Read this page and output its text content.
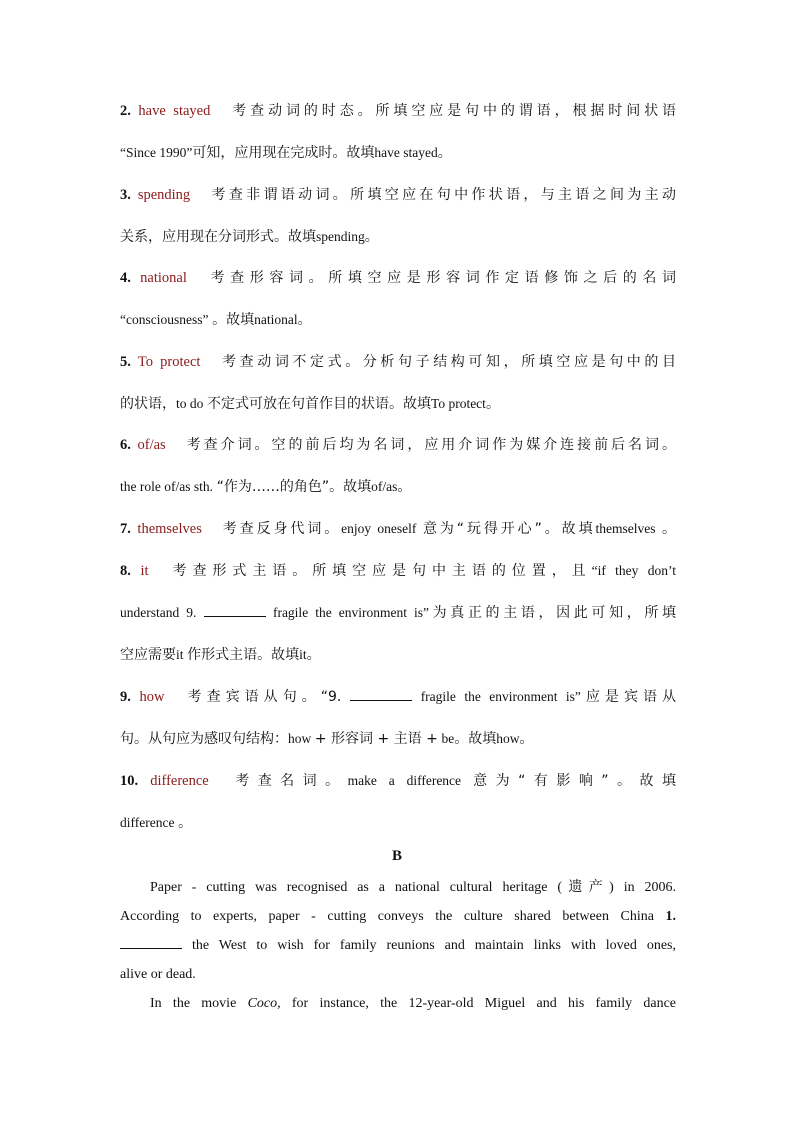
2. have stayed 考查动词的时态。所填空应是句中的谓语，根据时间状语
“Since 1990”可知，应用现在完成时。故填have stayed。
3. spending 考查非谓语动词。所填空应在句中作状语，与主语之间为主动
关系，应用现在分词形式。故填spending。
4. national 考查形容词。所填空应是形容词作定语修饰之后的名词
“consciousness” 。故填national。
5. To protect 考查动词不定式。分析句子结构可知，所填空应是句中的目
的状语，to do 不定式可放在句首作目的状语。故填To protect。
6. of/as 考查介词。空的前后均为名词，应用介词作为媒介连接前后名词。
the role of/as sth. “作为……的角色”。故填of/as。
7. themselves 考查反身代词。enjoy oneself 意为“玩得开心”。故填themselves 。
8. it 考查形式主语。所填空应是句中主语的位置，且“if they don’t
understand 9.	fragile the environment is”为真正的主语，因此可知，所填
空应需要it 作形式主语。故填it。
9. how 考查宾语从句。“9.	fragile the environment is”应是宾语从
句。从句应为感叹句结构：how + 形容词 + 主语 + be。故填how。
10. difference 考查名词。make a difference 意为“有影响”。故填
difference 。
B

Paper - cutting was recognised as a national cultural heritage (遗产) in 2006.

According to experts, paper - cutting conveys the culture shared between China 1.

the West to wish for family reunions and maintain links with loved ones,

alive or dead.

In the movie Coco, for instance, the 12-year-old Miguel and his family dance
